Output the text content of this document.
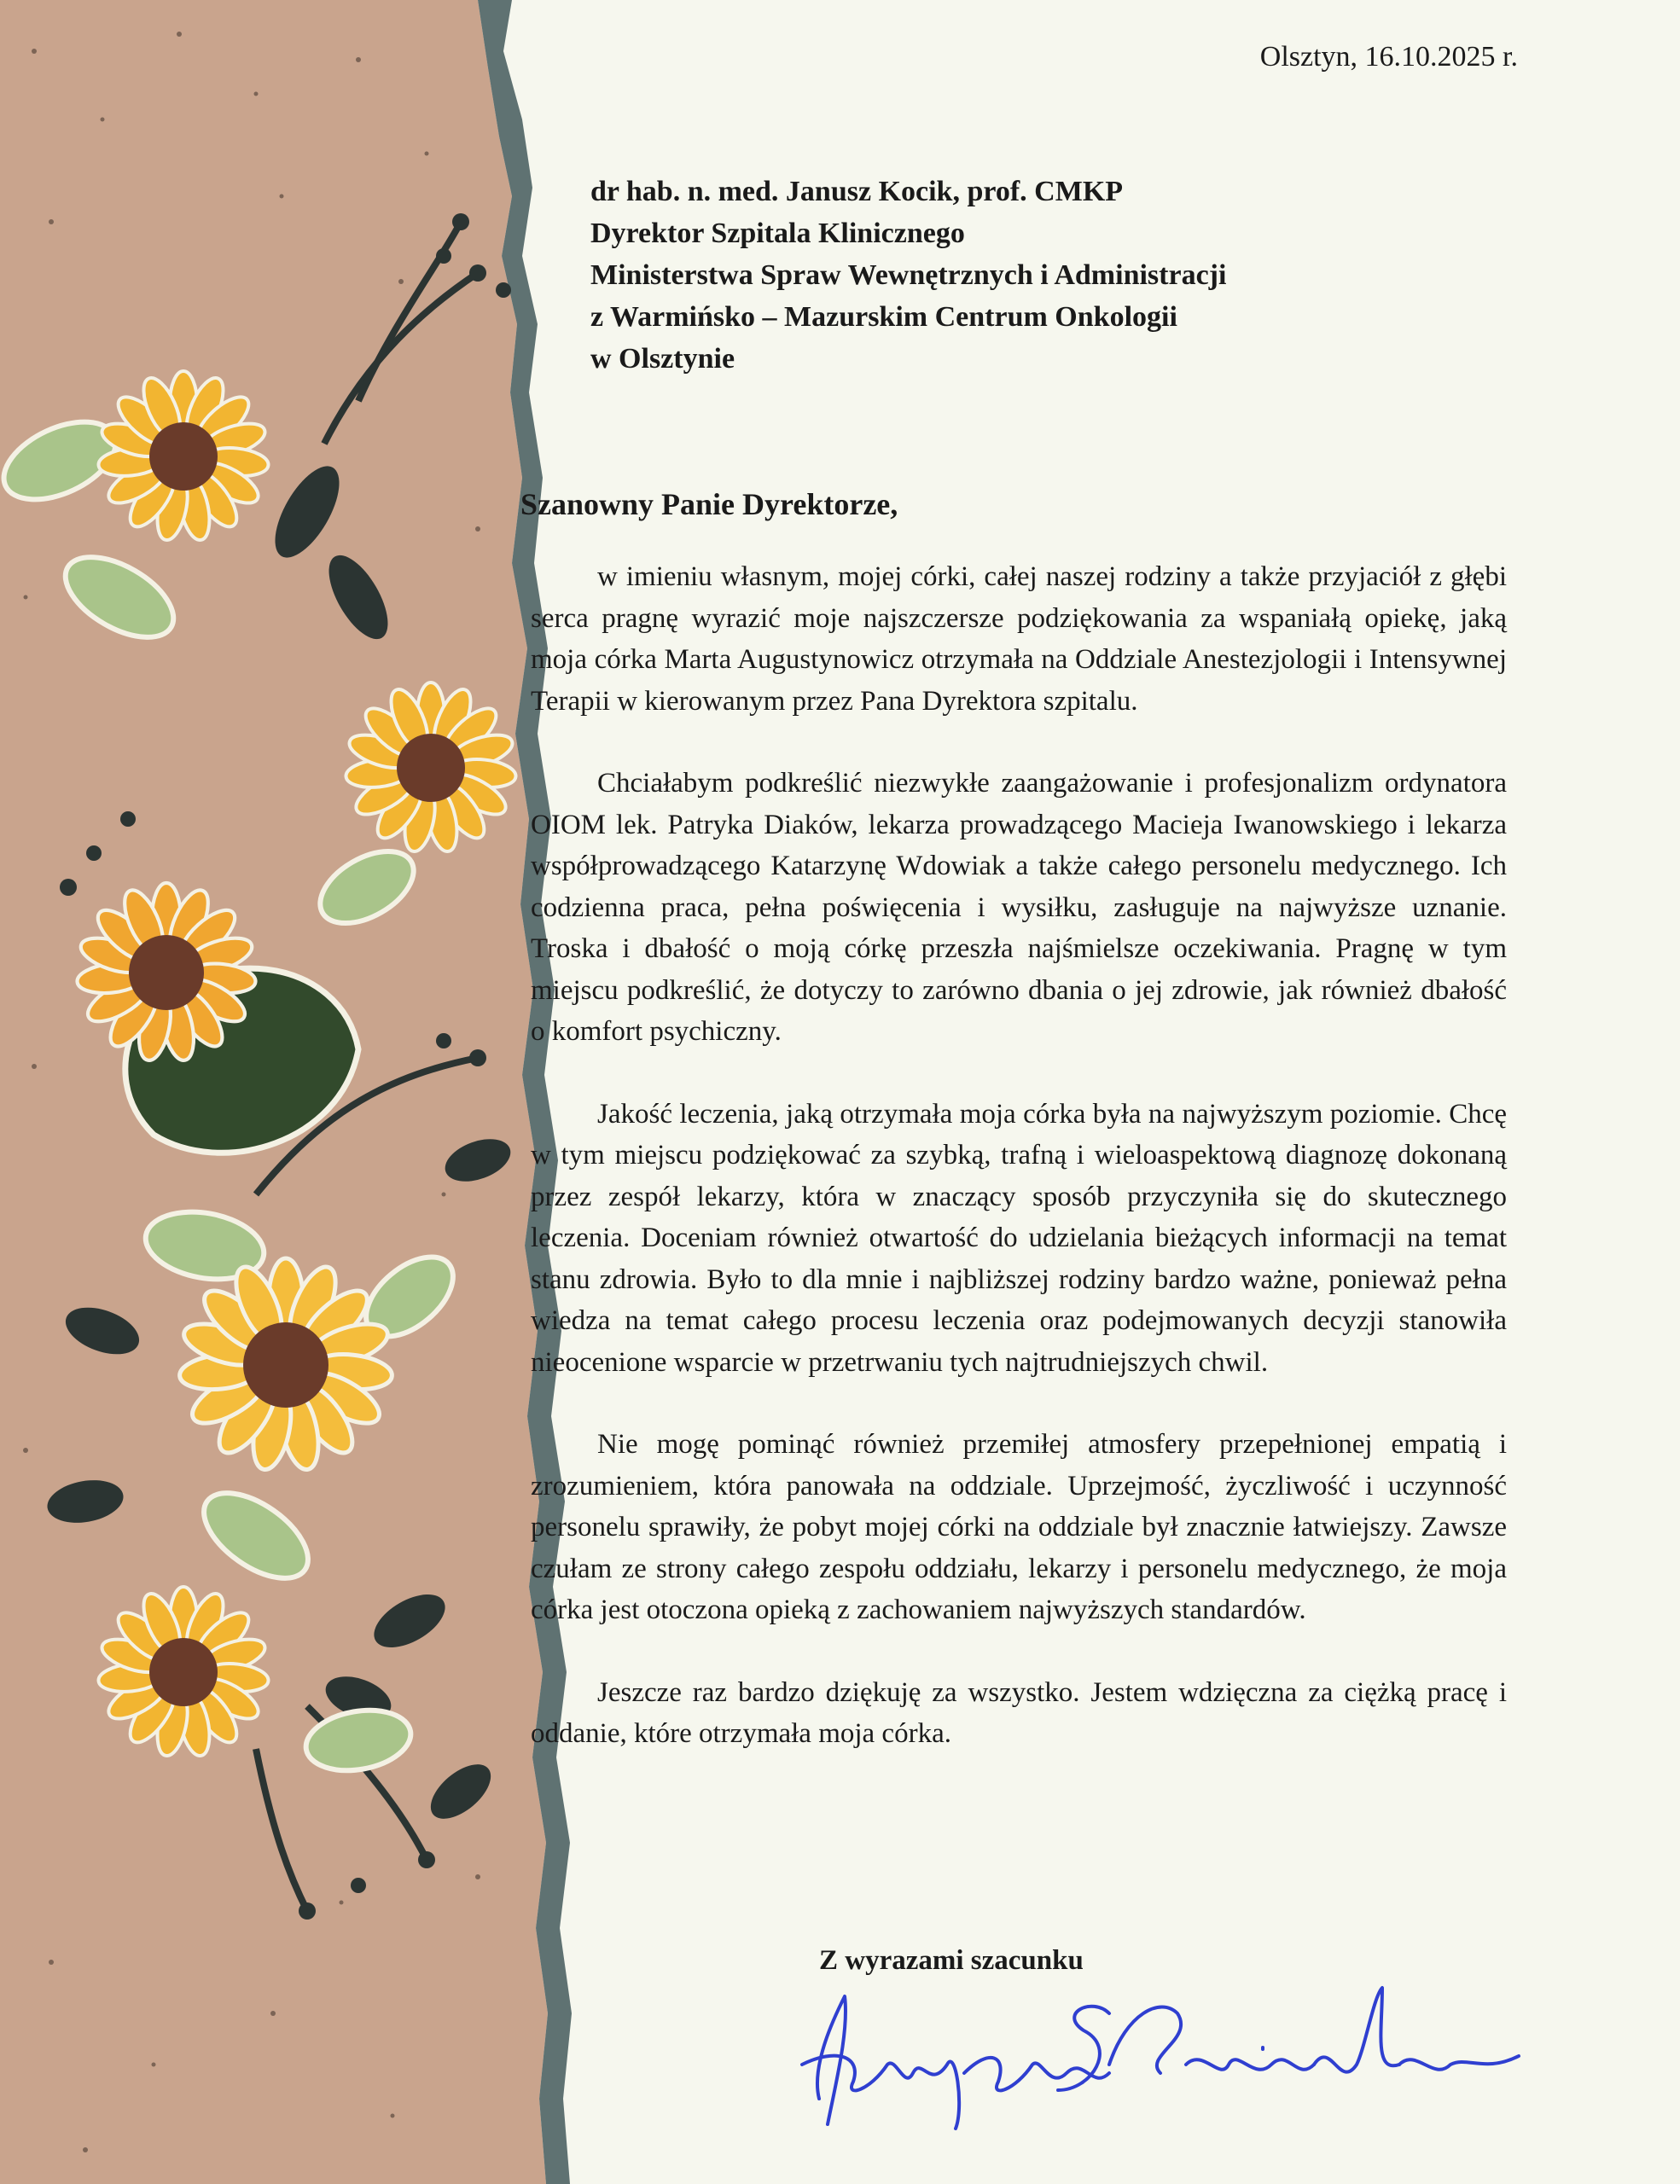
Olsztyn, 16.10.2025 r.
dr hab. n. med. Janusz Kocik, prof. CMKP
Dyrektor Szpitala Klinicznego
Ministerstwa Spraw Wewnętrznych i Administracji
z Warmińsko – Mazurskim Centrum Onkologii
w Olsztynie
Szanowny Panie Dyrektorze,

w imieniu własnym, mojej córki, całej naszej rodziny a także przyjaciół z głębi serca pragnę wyrazić moje najszczersze podziękowania za wspaniałą opiekę, jaką moja córka Marta Augustynowicz otrzymała na Oddziale Anestezjologii i Intensywnej Terapii w kierowanym przez Pana Dyrektora szpitalu.

Chciałabym podkreślić niezwykłe zaangażowanie i profesjonalizm ordynatora OIOM lek. Patryka Diaków, lekarza prowadzącego Macieja Iwanowskiego i lekarza współprowadzącego Katarzynę Wdowiak a także całego personelu medycznego. Ich codzienna praca, pełna poświęcenia i wysiłku, zasługuje na najwyższe uznanie. Troska i dbałość o moją córkę przeszła najśmielsze oczekiwania. Pragnę w tym miejscu podkreślić, że dotyczy to zarówno dbania o jej zdrowie, jak również dbałość o komfort psychiczny.

Jakość leczenia, jaką otrzymała moja córka była na najwyższym poziomie. Chcę w tym miejscu podziękować za szybką, trafną i wieloaspektową diagnozę dokonaną przez zespół lekarzy, która w znaczący sposób przyczyniła się do skutecznego leczenia. Doceniam również otwartość do udzielania bieżących informacji na temat stanu zdrowia. Było to dla mnie i najbliższej rodziny bardzo ważne, ponieważ pełna wiedza na temat całego procesu leczenia oraz podejmowanych decyzji stanowiła nieocenione wsparcie w przetrwaniu tych najtrudniejszych chwil.

Nie mogę pominąć również przemiłej atmosfery przepełnionej empatią i zrozumieniem, która panowała na oddziale. Uprzejmość, życzliwość i uczynność personelu sprawiły, że pobyt mojej córki na oddziale był znacznie łatwiejszy. Zawsze czułam ze strony całego zespołu oddziału, lekarzy i personelu medycznego, że moja córka jest otoczona opieką z zachowaniem najwyższych standardów.

Jeszcze raz bardzo dziękuję za wszystko. Jestem wdzięczna za ciężką pracę i oddanie, które otrzymała moja córka.

Z wyrazami szacunku
